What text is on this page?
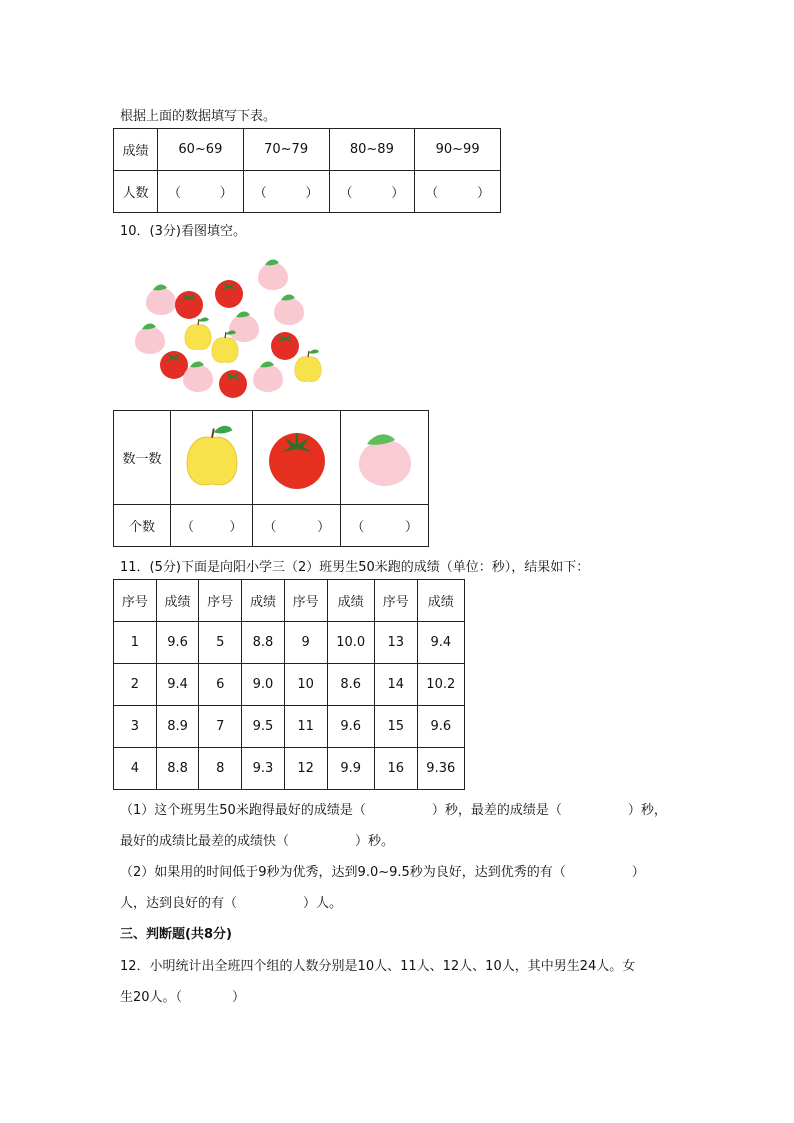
根据上面的数据填写下表。
成绩	60~69	70~79	80~89	90~99
人数	（ ）	（ ）	（ ）	（ ）
10．(3分)看图填空。
数一数	

个数	（ ）	（ ）	（ ）
11．(5分)下面是向阳小学三（2）班男生50米跑的成绩（单位：秒），结果如下：
序号	成绩	序号	成绩	序号	成绩	序号	成绩
1	9.6	5	8.8	9	10.0	13	9.4
2	9.4	6	9.0	10	8.6	14	10.2
3	8.9	7	9.5	11	9.6	15	9.6
4	8.8	8	9.3	12	9.9	16	9.36
（1）这个班男生50米跑得最好的成绩是（	）秒，最差的成绩是（	）秒，
最好的成绩比最差的成绩快（	）秒。
（2）如果用的时间低于9秒为优秀，达到9.0~9.5秒为良好，达到优秀的有（	）
人，达到良好的有（	）人。
三、判断题(共8分)
12．小明统计出全班四个组的人数分别是10人、11人、12人、10人，其中男生24人。女
生20人。（	）
